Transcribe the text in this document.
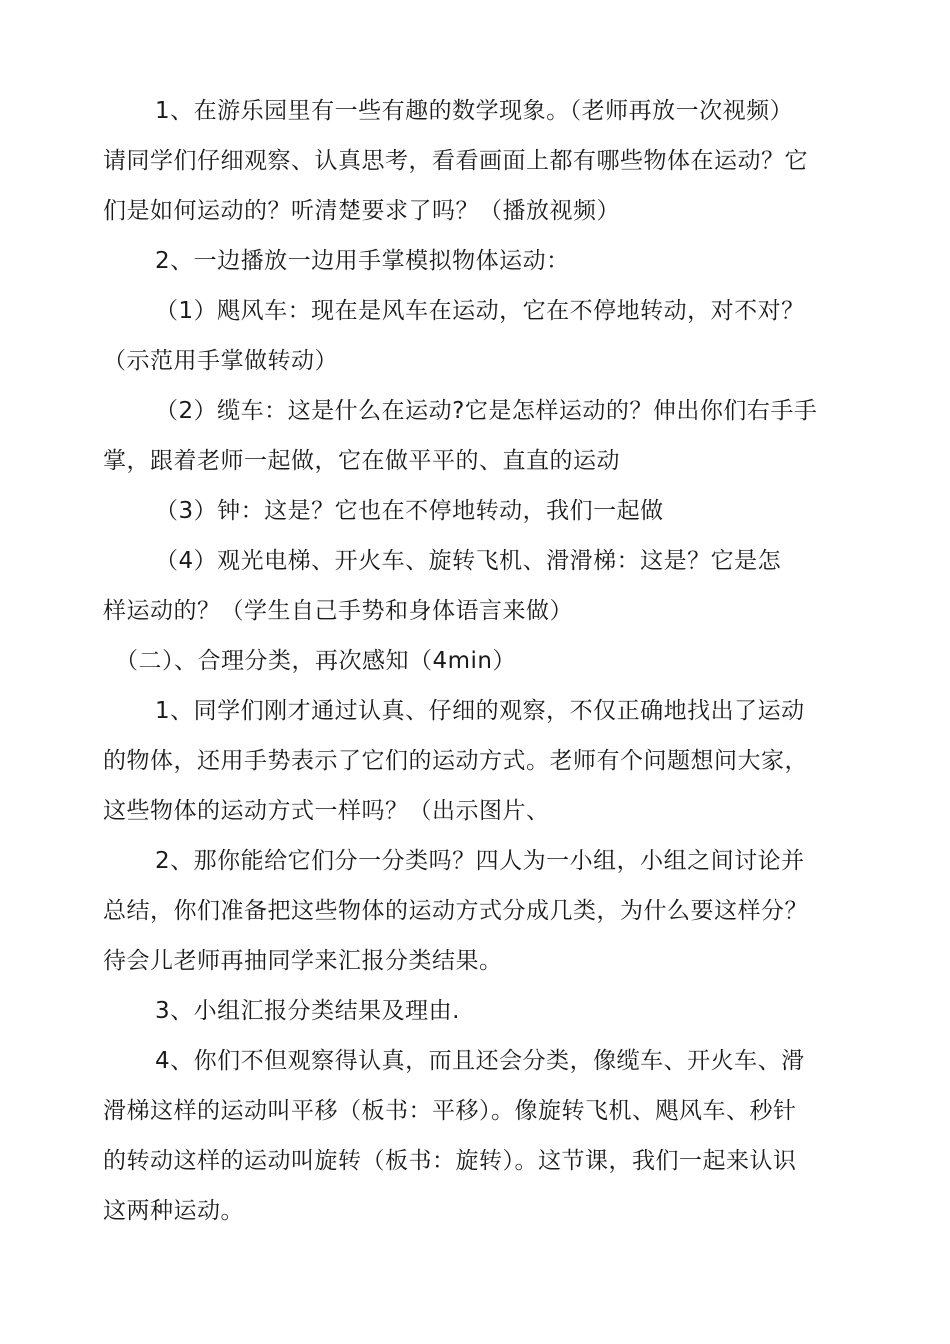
1、在游乐园里有一些有趣的数学现象。（老师再放一次视频）
请同学们仔细观察、认真思考，看看画面上都有哪些物体在运动？它
们是如何运动的？听清楚要求了吗？（播放视频）
2、一边播放一边用手掌模拟物体运动：
（1）飓风车：现在是风车在运动，它在不停地转动，对不对？
（示范用手掌做转动）
（2）缆车：这是什么在运动?它是怎样运动的？伸出你们右手手
掌，跟着老师一起做，它在做平平的、直直的运动
（3）钟：这是？它也在不停地转动，我们一起做
（4）观光电梯、开火车、旋转飞机、滑滑梯：这是？它是怎
样运动的？（学生自己手势和身体语言来做）
（二）、合理分类，再次感知（4min）
1、同学们刚才通过认真、仔细的观察，不仅正确地找出了运动
的物体，还用手势表示了它们的运动方式。老师有个问题想问大家，
这些物体的运动方式一样吗？（出示图片、
2、那你能给它们分一分类吗？四人为一小组，小组之间讨论并
总结，你们准备把这些物体的运动方式分成几类，为什么要这样分？
待会儿老师再抽同学来汇报分类结果。
3、小组汇报分类结果及理由.
4、你们不但观察得认真，而且还会分类，像缆车、开火车、滑
滑梯这样的运动叫平移（板书：平移）。像旋转飞机、飓风车、秒针
的转动这样的运动叫旋转（板书：旋转）。这节课，我们一起来认识
这两种运动。
